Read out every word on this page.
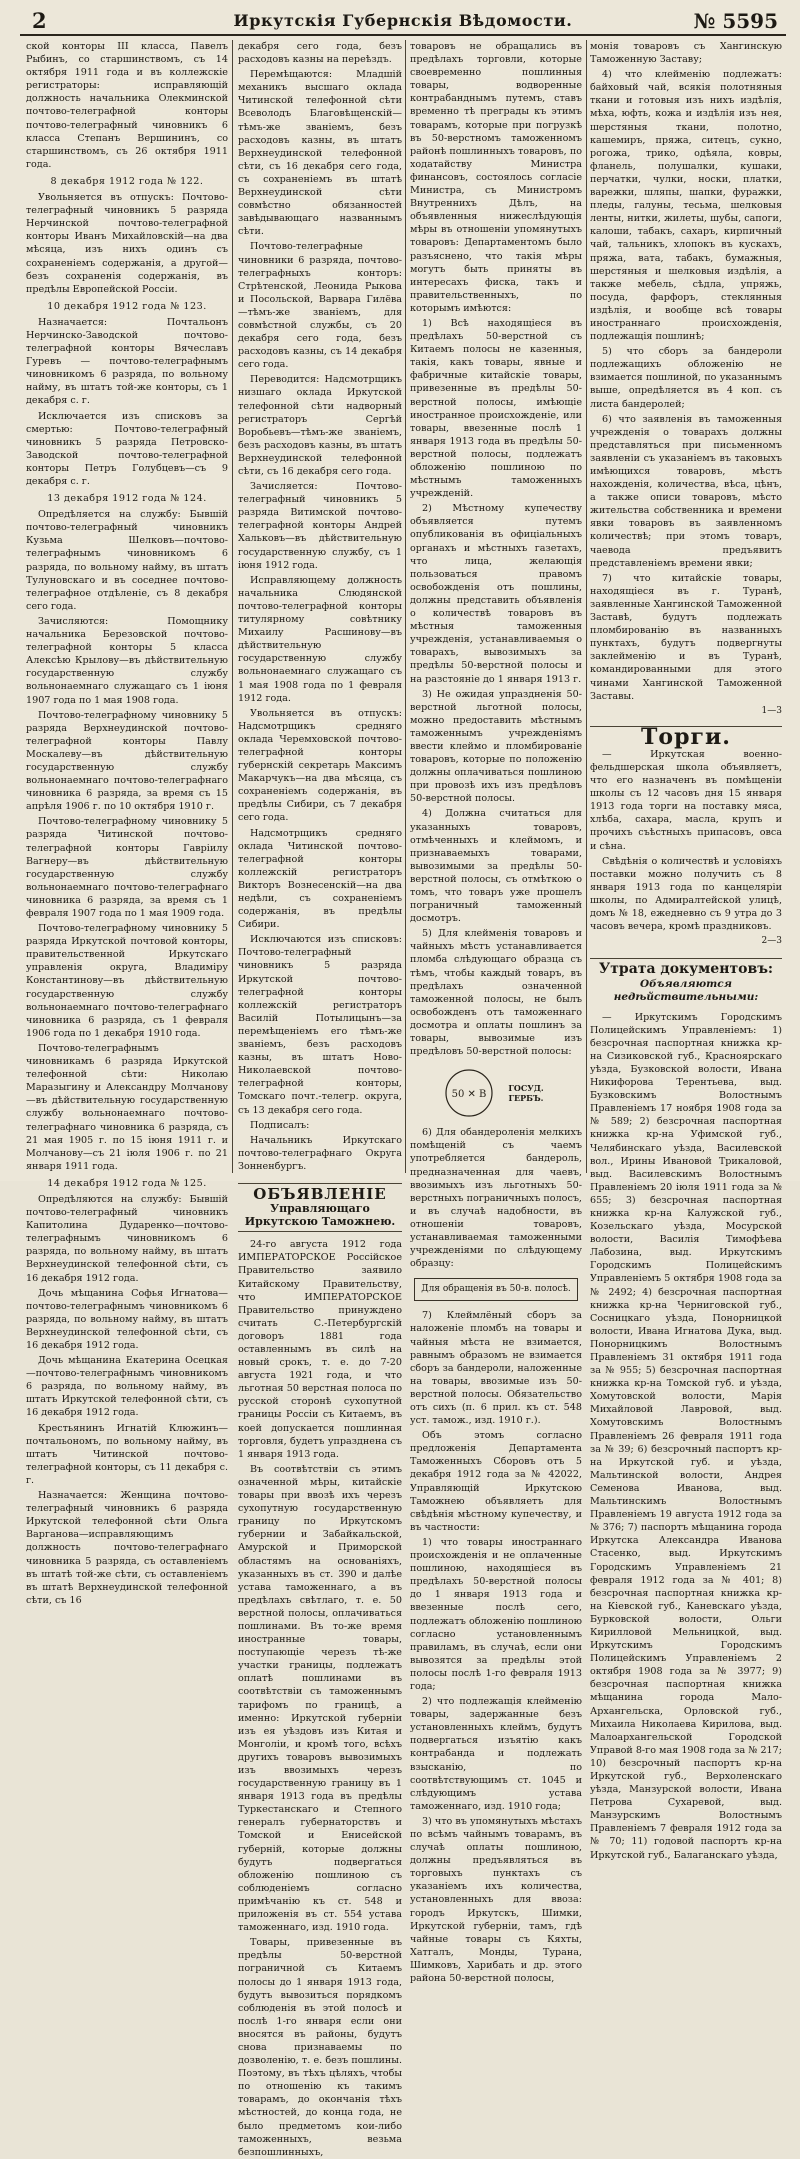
2	Иркутскія Губернскія Вѣдомости.	№ 5595

ской конторы III класса, Павелъ Рыбинъ, со старшинствомъ, съ 14 октября 1911 года и въ коллежскіе регистраторы: исправляющій должность начальника Олекминской почтово-телеграфной конторы почтово-телеграфный чиновникъ 6 класса Степанъ Вершининъ, со старшинствомъ, съ 26 октября 1911 года.

8 декабря 1912 года № 122.

Увольняется въ отпускъ: Почтово-телеграфный чиновникъ 5 разряда Нерчинской почтово-телеграфной конторы Иванъ Михайловскій—на два мѣсяца, изъ нихъ одинъ съ сохраненіемъ содержанія, а другой—безъ сохраненія содержанія, въ предѣлы Европейской Россіи.

10 декабря 1912 года № 123.

Назначается: Почтальонъ Нерчинско-Заводской почтово-телеграфной конторы Вячеславъ Гуревъ — почтово-телеграфнымъ чиновникомъ 6 разряда, по вольному найму, въ штатъ той-же конторы, съ 1 декабря с. г.

Исключается изъ списковъ за смертью: Почтово-телеграфный чиновникъ 5 разряда Петровско-Заводской почтово-телеграфной конторы Петръ Голубцевъ—съ 9 декабря с. г.

13 декабря 1912 года № 124.

Опредѣляется на службу: Бывшій почтово-телеграфный чиновникъ Кузьма Шелковъ—почтово-телеграфнымъ чиновникомъ 6 разряда, по вольному найму, въ штатъ Тулуновскаго и въ соседнее почтово-телеграфное отдѣленіе, съ 8 декабря сего года.

Зачисляются: Помощнику начальника Березовской почтово-телеграфной конторы 5 класса Алексѣю Крылову—въ дѣйствительную государственную службу вольнонаемнаго служащаго съ 1 іюня 1907 года по 1 мая 1908 года.

Почтово-телеграфному чиновнику 5 разряда Верхнеудинской почтово-телеграфной конторы Павлу Москалеву—въ дѣйствительную государственную службу вольнонаемнаго почтово-телеграфнаго чиновника 6 разряда, за время съ 15 апрѣля 1906 г. по 10 октября 1910 г.

Почтово-телеграфному чиновнику 5 разряда Читинской почтово-телеграфной конторы Гавріилу Вагнеру—въ дѣйствительную государственную службу вольнонаемнаго почтово-телеграфнаго чиновника 6 разряда, за время съ 1 февраля 1907 года по 1 мая 1909 года.

Почтово-телеграфному чиновнику 5 разряда Иркутской почтовой конторы, правительственной Иркутскаго управленія округа, Владиміру Константинову—въ дѣйствительную государственную службу вольнонаемнаго почтово-телеграфнаго чиновника 6 разряда, съ 1 февраля 1906 года по 1 декабря 1910 года.

Почтово-телеграфнымъ чиновникамъ 6 разряда Иркутской телефонной сѣти: Николаю Маразыгину и Александру Молчанову—въ дѣйствительную государственную службу вольнонаемнаго почтово-телеграфнаго чиновника 6 разряда, съ 21 мая 1905 г. по 15 іюня 1911 г. и Молчанову—съ 21 іюля 1906 г. по 21 января 1911 года.

14 декабря 1912 года № 125.

Опредѣляются на службу: Бывшій почтово-телеграфный чиновникъ Капитолина Дударенко—почтово-телеграфнымъ чиновникомъ 6 разряда, по вольному найму, въ штатъ Верхнеудинской телефонной сѣти, съ 16 декабря 1912 года.

Дочь мѣщанина Софья Игнатова—почтово-телеграфнымъ чиновникомъ 6 разряда, по вольному найму, въ штатъ Верхнеудинской телефонной сѣти, съ 16 декабря 1912 года.

Дочь мѣщанина Екатерина Осецкая—почтово-телеграфнымъ чиновникомъ 6 разряда, по вольному найму, въ штатъ Иркутской телефонной сѣти, съ 16 декабря 1912 года.

Крестьянинъ Игнатій Клюжинъ—почтальономъ, по вольному найму, въ штатъ Читинской почтово-телеграфной конторы, съ 11 декабря с. г.

Назначается: Женщина почтово-телеграфный чиновникъ 6 разряда Иркутской телефонной сѣти Ольга Варганова—исправляющимъ должность почтово-телеграфнаго чиновника 5 разряда, съ оставленіемъ въ штатѣ той-же сѣти, съ оставленіемъ въ штатѣ Верхнеудинской телефонной сѣти, съ 16

декабря сего года, безъ расходовъ казны на переѣздъ.

Перемѣщаются: Младшій механикъ высшаго оклада Читинской телефонной сѣти Всеволодъ Благовѣщенскій—тѣмъ-же званіемъ, безъ расходовъ казны, въ штатъ Верхнеудинской телефонной сѣти, съ 16 декабря сего года, съ сохраненіемъ въ штатѣ Верхнеудинской сѣти совмѣстно обязанностей завѣдывающаго названнымъ сѣти.

Почтово-телеграфные чиновники 6 разряда, почтово-телеграфныхъ конторъ: Стрѣтенской, Леонида Рыкова и Посольской, Варвара Гилёва—тѣмъ-же званіемъ, для совмѣстной службы, съ 20 декабря сего года, безъ расходовъ казны, съ 14 декабря сего года.

Переводится: Надсмотрщикъ низшаго оклада Иркутской телефонной сѣти надворный регистраторъ Сергѣй Воробьевъ—тѣмъ-же званіемъ, безъ расходовъ казны, въ штатъ Верхнеудинской телефонной сѣти, съ 16 декабря сего года.

Зачисляется: Почтово-телеграфный чиновникъ 5 разряда Витимской почтово-телеграфной конторы Андрей Хальковъ—въ дѣйствительную государственную службу, съ 1 іюня 1912 года.

Исправляющему должность начальника Слюдянской почтово-телеграфной конторы титулярному совѣтнику Михаилу Расшинову—въ дѣйствительную государственную службу вольнонаемнаго служащаго съ 1 мая 1908 года по 1 февраля 1912 года.

Увольняется въ отпускъ: Надсмотрщикъ средняго оклада Черемховской почтово-телеграфной конторы губернскій секретарь Максимъ Макарчукъ—на два мѣсяца, съ сохраненіемъ содержанія, въ предѣлы Сибири, съ 7 декабря сего года.

Надсмотрщикъ средняго оклада Читинской почтово-телеграфной конторы коллежскій регистраторъ Викторъ Вознесенскій—на два недѣли, съ сохраненіемъ содержанія, въ предѣлы Сибири.

Исключаются изъ списковъ: Почтово-телеграфный чиновникъ 5 разряда Иркутской почтово-телеграфной конторы коллежскій регистраторъ Василій Потылицынъ—за перемѣщеніемъ его тѣмъ-же званіемъ, безъ расходовъ казны, въ штатъ Ново-Николаевской почтово-телеграфной конторы, Томскаго почт.-телегр. округа, съ 13 декабря сего года.

Подписалъ:

Начальникъ Иркутскаго почтово-телеграфнаго Округа Зонненбургъ.

ОБЪЯВЛЕНІЕ
Управляющаго Иркутскою Таможнею.

24-го августа 1912 года ИМПЕРАТОРСКОЕ Россійское Правительство заявило Китайскому Правительству, что ИМПЕРАТОРСКОЕ Правительство принуждено считать С.-Петербургскій договоръ 1881 года оставленнымъ въ силѣ на новый срокъ, т. е. до 7-20 августа 1921 года, и что льготная 50 верстная полоса по русской сторонѣ сухопутной границы Россіи съ Китаемъ, въ коей допускается пошлинная торговля, будетъ упразднена съ 1 января 1913 года.

Въ соотвѣтствіи съ этимъ означенной мѣры, китайскіе товары при ввозѣ ихъ черезъ сухопутную государственную границу по Иркутскомъ губернии и Забайкальской, Амурской и Приморской областямъ на основаніяхъ, указанныхъ въ ст. 390 и далѣе устава таможеннаго, а въ предѣлахъ свѣтлаго, т. е. 50 верстной полосы, оплачиваться пошлинами. Въ то-же время иностранные товары, поступающіе черезъ тѣ-же участки границы, подлежатъ оплатѣ пошлинами въ соотвѣтствіи съ таможеннымъ тарифомъ по границѣ, а именно: Иркутской губерніи изъ ея уѣздовъ изъ Китая и Монголіи, и кромѣ того, всѣхъ другихъ товаровъ вывозимыхъ изъ ввозимыхъ черезъ государственную границу въ 1 января 1913 года въ предѣлы Туркестанскаго и Степного генералъ губернаторствъ и Томской и Енисейской губерній, которые должны будутъ подвергаться обложенію пошлиною съ соблюденіемъ согласно примѣчанію къ ст. 548 и приложенія въ ст. 554 устава таможеннаго, изд. 1910 года.

Товары, привезенные въ предѣлы 50-верстной пограничной съ Китаемъ полосы до 1 января 1913 года, будутъ вывозиться порядкомъ соблюденія въ этой полосѣ и послѣ 1-го января если они вносятся въ районы, будутъ снова признаваемы по дозволенію, т. е. безъ пошлины. Поэтому, въ тѣхъ цѣляхъ, чтобы по отношенію къ такимъ товарамъ, до окончанія тѣхъ мѣстностей, до конца года, не было предметомъ кои-либо таможенныхъ, везьма безпошлинныхъ,

товаровъ не обращались въ предѣлахъ торговли, которые своевременно пошлинныя товары, водворенные контрабанднымъ путемъ, ставъ временно тѣ преграды къ этимъ товарамъ, которые при погрузкѣ въ 50-верстномъ таможенномъ районѣ пошлинныхъ товаровъ, по ходатайству Министра финансовъ, состоялось согласіе Министра, съ Министромъ Внутреннихъ Дѣлъ, на объявленныя нижеслѣдующія мѣры въ отношеніи упомянутыхъ товаровъ: Департаментомъ было разъяснено, что такія мѣры могутъ быть приняты въ интересахъ фиска, такъ и правительственныхъ, по которымъ имѣются:

1) Всѣ находящіеся въ предѣлахъ 50-верстной съ Китаемъ полосы не казенныя, такія, какъ товары, явные и фабричные китайскіе товары, привезенные въ предѣлы 50-верстной полосы, имѣющіе иностранное происхожденіе, или товары, ввезенные послѣ 1 января 1913 года въ предѣлы 50-верстной полосы, подлежатъ обложенію пошлиною по мѣстнымъ таможенныхъ учрежденій.

2) Мѣстному купечеству объявляется путемъ опубликованія въ офиціальныхъ органахъ и мѣстныхъ газетахъ, что лица, желающія пользоваться правомъ освобожденія отъ пошлины, должны представить объявленія о количествѣ товаровъ въ мѣстныя таможенныя учрежденія, устанавливаемыя о товарахъ, вывозимыхъ за предѣлы 50-верстной полосы и на разстояніе до 1 января 1913 г.

3) Не ожидая упраздненія 50-верстной льготной полосы, можно предоставить мѣстнымъ таможеннымъ учрежденіямъ ввести клеймо и пломбированіе товаровъ, которые по положенію должны оплачиваться пошлиною при провозѣ ихъ изъ предѣловъ 50-верстной полосы.

4) Должна считаться для указанныхъ товаровъ, отмѣченныхъ и клеймомъ, и признаваемыхъ товарами, вывозимыми за предѣлы 50-верстной полосы, съ отмѣткою о томъ, что товаръ уже прошелъ пограничный таможенный досмотръ.

5) Для клейменія товаровъ и чайныхъ мѣстъ устанавливается пломба слѣдующаго образца съ тѣмъ, чтобы каждый товаръ, въ предѣлахъ означенной таможенной полосы, не былъ освобожденъ отъ таможеннаго досмотра и оплаты пошлинъ за товары, вывозимые изъ предѣловъ 50-верстной полосы:

50 ✕ В
ГОСУД. ГЕРБЪ.

6) Для обандероленія мелкихъ помѣщеній съ чаемъ употребляется бандероль, предназначенная для чаевъ, ввозимыхъ изъ льготныхъ 50-верстныхъ пограничныхъ полосъ, и въ случаѣ надобности, въ отношеніи товаровъ, устанавливаемая таможенными учрежденіями по слѣдующему образцу:

Для обращенія въ 50-в. полосѣ.

7) Клеймлёный сборъ за наложеніе пломбъ на товары и чайныя мѣста не взимается, равнымъ образомъ не взимается сборъ за бандероли, наложенные на товары, ввозимые изъ 50-верстной полосы. Обязательство отъ сихъ (п. 6 прил. къ ст. 548 уст. тамож., изд. 1910 г.).

Объ этомъ согласно предложенія Департамента Таможенныхъ Сборовъ отъ 5 декабря 1912 года за № 42022, Управляющій Иркутскою Таможнею объявляетъ для свѣдѣнія мѣстному купечеству, и въ частности:

1) что товары иностраннаго происхожденія и не оплаченные пошлиною, находящіеся въ предѣлахъ 50-верстной полосы до 1 января 1913 года и ввезенные послѣ сего, подлежатъ обложенію пошлиною согласно установленнымъ правиламъ, въ случаѣ, если они вывозятся за предѣлы этой полосы послѣ 1-го февраля 1913 года;

2) что подлежащія клейменію товары, задержанные безъ установленныхъ клеймъ, будутъ подвергаться изъятію какъ контрабанда и подлежать взысканію, по соотвѣтствующимъ ст. 1045 и слѣдующимъ устава таможеннаго, изд. 1910 года;

3) что въ упомянутыхъ мѣстахъ по всѣмъ чайнымъ товарамъ, въ случаѣ оплаты пошлиною, должны предъявляться въ торговыхъ пунктахъ съ указаніемъ ихъ количества, установленныхъ для ввоза: городъ Иркутскъ, Шимки, Иркутской губерніи, тамъ, гдѣ чайные товары съ Кяхты, Хатгалъ, Монды, Турана, Шимковъ, Харибать и др. этого района 50-верстной полосы,

монія товаровъ съ Хангинскую Таможенную Заставу;

4) что клейменію подлежатъ: байховый чай, всякія полотняныя ткани и готовыя изъ нихъ издѣлія, мѣха, юфть, кожа и издѣлія изъ нея, шерстяныя ткани, полотно, кашемиръ, пряжа, ситецъ, сукно, рогожа, трико, одѣяла, ковры, фланель, полушалки, кушаки, перчатки, чулки, носки, платки, варежки, шляпы, шапки, фуражки, пледы, галуны, тесьма, шелковыя ленты, нитки, жилеты, шубы, сапоги, калоши, табакъ, сахаръ, кирпичный чай, тальникъ, хлопокъ въ кускахъ, пряжа, вата, табакъ, бумажныя, шерстяныя и шелковыя издѣлія, а также мебель, сѣдла, упряжь, посуда, фарфоръ, стеклянныя издѣлія, и вообще всѣ товары иностраннаго происхожденія, подлежащія пошлинѣ;

5) что сборъ за бандероли подлежащихъ обложенію не взимается пошлиной, по указаннымъ выше, опредѣляется въ 4 коп. съ листа бандеролей;

6) что заявленія въ таможенныя учрежденія о товарахъ должны представляться при письменномъ заявленіи съ указаніемъ въ таковыхъ имѣющихся товаровъ, мѣстъ нахожденія, количества, вѣса, цѣнъ, а также описи товаровъ, мѣсто жительства собственника и времени явки товаровъ въ заявленномъ количествѣ; при этомъ товаръ, чаевода предъявитъ представленіемъ времени явки;

7) что китайскіе товары, находящіеся въ г. Туранѣ, заявленные Хангинской Таможенной Заставѣ, будутъ подлежать пломбированію въ названныхъ пунктахъ, будутъ подвергнуты заклейменію и въ Туранѣ, командированными для этого чинами Хангинской Таможенной Заставы.

1—3

Торги.

— Иркутская военно-фельдшерская школа объявляетъ, что его назначенъ въ помѣщеніи школы съ 12 часовъ дня 15 января 1913 года торги на поставку мяса, хлѣба, сахара, масла, крупъ и прочихъ съѣстныхъ припасовъ, овса и сѣна.

Свѣдѣнія о количествѣ и условіяхъ поставки можно получить съ 8 января 1913 года по канцеляріи школы, по Адмиралтейской улицѣ, домъ № 18, ежедневно съ 9 утра до 3 часовъ вечера, кромѣ праздниковъ.

2—3

Утрата документовъ:
Объявляются недѣйствительными:

— Иркутскимъ Городскимъ Полицейскимъ Управленіемъ: 1) безсрочная паспортная книжка кр-на Сизиковской губ., Красноярскаго уѣзда, Бузковской волости, Ивана Никифорова Терентьева, выд. Бузковскимъ Волостнымъ Правленіемъ 17 ноября 1908 года за № 589; 2) безсрочная паспортная книжка кр-на Уфимской губ., Челябинскаго уѣзда, Василевской вол., Ирины Ивановой Трикаловой, выд. Василевскимъ Волостнымъ Правленіемъ 20 іюля 1911 года за № 655; 3) безсрочная паспортная книжка кр-на Калужской губ., Козельскаго уѣзда, Мосурской волости, Василія Тимофѣева Лабозина, выд. Иркутскимъ Городскимъ Полицейскимъ Управленіемъ 5 октября 1908 года за № 2492; 4) безсрочная паспортная книжка кр-на Черниговской губ., Сосницкаго уѣзда, Понорницкой волости, Ивана Игнатова Дука, выд. Понорницкимъ Волостнымъ Правленіемъ 31 октября 1911 года за № 955; 5) безсрочная паспортная книжка кр-на Томской губ. и уѣзда, Хомутовской волости, Марія Михайловой Лавровой, выд. Хомутовскимъ Волостнымъ Правленіемъ 26 февраля 1911 года за № 39; 6) безсрочный паспортъ кр-на Иркутской губ. и уѣзда, Мальтинской волости, Андрея Семенова Иванова, выд. Мальтинскимъ Волостнымъ Правленіемъ 19 августа 1912 года за № 376; 7) паспортъ мѣщанина города Иркутска Александра Иванова Стасенко, выд. Иркутскимъ Городскимъ Управленіемъ 21 февраля 1912 года за № 401; 8) безсрочная паспортная книжка кр-на Кіевской губ., Каневскаго уѣзда, Бурковской волости, Ольги Кирилловой Мельницкой, выд. Иркутскимъ Городскимъ Полицейскимъ Управленіемъ 2 октября 1908 года за № 3977; 9) безсрочная паспортная книжка мѣщанина города Мало-Архангельска, Орловской губ., Михаила Николаева Кирилова, выд. Малоархангельской Городской Управой 8-го мая 1908 года за № 217; 10) безсрочный паспортъ кр-на Иркутской губ., Верхоленскаго уѣзда, Манзурской волости, Ивана Петрова Сухаревой, выд. Манзурскимъ Волостнымъ Правленіемъ 7 февраля 1912 года за № 70; 11) годовой паспортъ кр-на Иркутской губ., Балаганскаго уѣзда,
